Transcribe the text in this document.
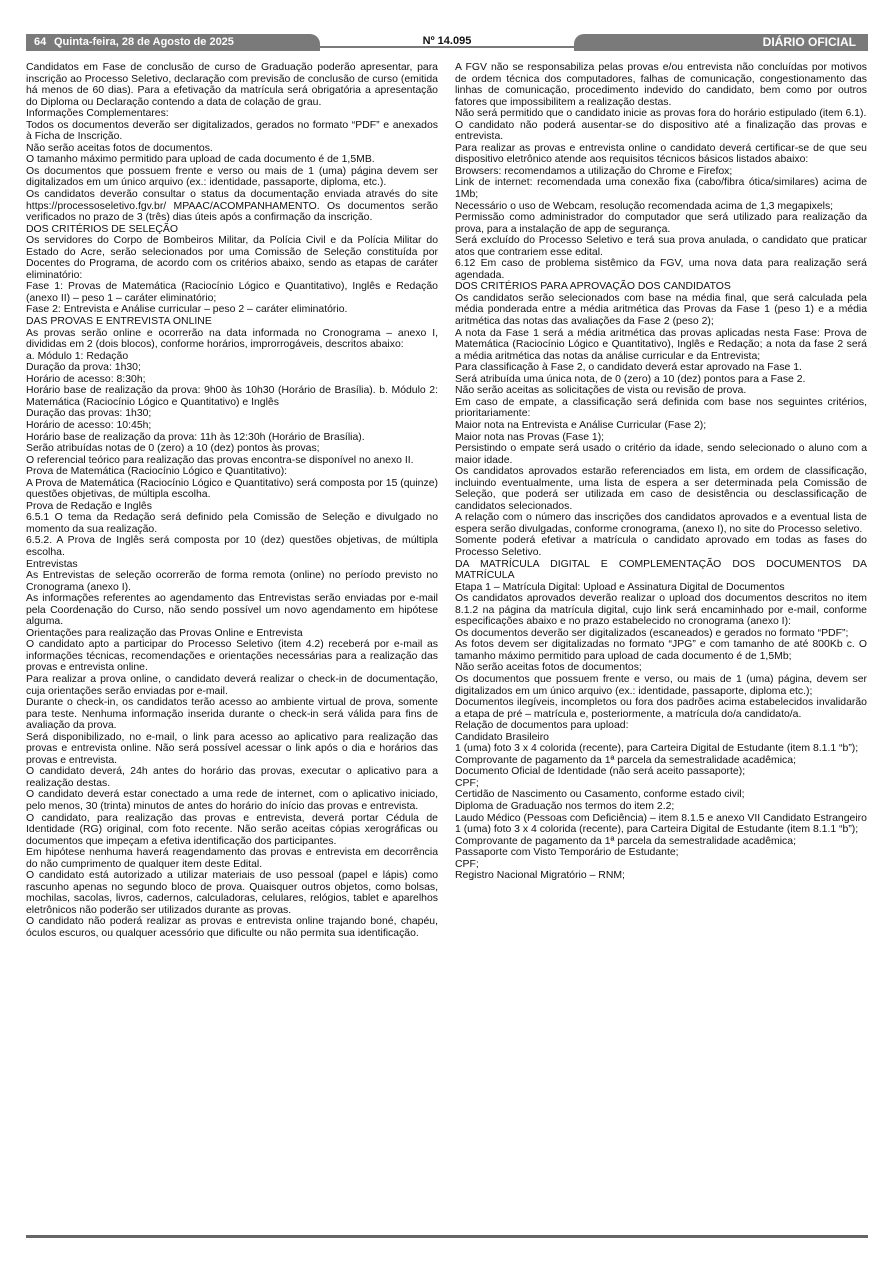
64 Quinta-feira, 28 de Agosto de 2025	Nº 14.095	DIÁRIO OFICIAL

Candidatos em Fase de conclusão de curso de Graduação poderão apresentar, para inscrição ao Processo Seletivo, declaração com previsão de conclusão de curso (emitida há menos de 60 dias). Para a efetivação da matrícula será obrigatória a apresentação do Diploma ou Declaração contendo a data de colação de grau.

Informações Complementares:

Todos os documentos deverão ser digitalizados, gerados no formato “PDF” e anexados à Ficha de Inscrição.

Não serão aceitas fotos de documentos.

O tamanho máximo permitido para upload de cada documento é de 1,5MB.

Os documentos que possuem frente e verso ou mais de 1 (uma) página devem ser digitalizados em um único arquivo (ex.: identidade, passaporte, diploma, etc.).

Os candidatos deverão consultar o status da documentação enviada através do site https://processoseletivo.fgv.br/ MPAAC/ACOMPANHAMENTO. Os documentos serão verificados no prazo de 3 (três) dias úteis após a confirmação da inscrição.

DOS CRITÉRIOS DE SELEÇÃO

Os servidores do Corpo de Bombeiros Militar, da Polícia Civil e da Polícia Militar do Estado do Acre, serão selecionados por uma Comissão de Seleção constituída por Docentes do Programa, de acordo com os critérios abaixo, sendo as etapas de caráter eliminatório:

Fase 1: Provas de Matemática (Raciocínio Lógico e Quantitativo), Inglês e Redação (anexo II) – peso 1 – caráter eliminatório;

Fase 2: Entrevista e Análise curricular – peso 2 – caráter eliminatório.

DAS PROVAS E ENTREVISTA ONLINE

As provas serão online e ocorrerão na data informada no Cronograma – anexo I, divididas em 2 (dois blocos), conforme horários, improrrogáveis, descritos abaixo:

a. Módulo 1: Redação

Duração da prova: 1h30;

Horário de acesso: 8:30h;

Horário base de realização da prova: 9h00 às 10h30 (Horário de Brasília). b. Módulo 2: Matemática (Raciocínio Lógico e Quantitativo) e Inglês

Duração das provas: 1h30;

Horário de acesso: 10:45h;

Horário base de realização da prova: 11h às 12:30h (Horário de Brasília).

Serão atribuídas notas de 0 (zero) a 10 (dez) pontos às provas;

O referencial teórico para realização das provas encontra-se disponível no anexo II.

Prova de Matemática (Raciocínio Lógico e Quantitativo):

A Prova de Matemática (Raciocínio Lógico e Quantitativo) será composta por 15 (quinze) questões objetivas, de múltipla escolha.

Prova de Redação e Inglês

6.5.1 O tema da Redação será definido pela Comissão de Seleção e divulgado no momento da sua realização.

6.5.2. A Prova de Inglês será composta por 10 (dez) questões objetivas, de múltipla escolha.

Entrevistas

As Entrevistas de seleção ocorrerão de forma remota (online) no período previsto no Cronograma (anexo I).

As informações referentes ao agendamento das Entrevistas serão enviadas por e-mail pela Coordenação do Curso, não sendo possível um novo agendamento em hipótese alguma.

Orientações para realização das Provas Online e Entrevista

O candidato apto a participar do Processo Seletivo (item 4.2) receberá por e-mail as informações técnicas, recomendações e orientações necessárias para a realização das provas e entrevista online.

Para realizar a prova online, o candidato deverá realizar o check-in de documentação, cuja orientações serão enviadas por e-mail.

Durante o check-in, os candidatos terão acesso ao ambiente virtual de prova, somente para teste. Nenhuma informação inserida durante o check-in será válida para fins de avaliação da prova.

Será disponibilizado, no e-mail, o link para acesso ao aplicativo para realização das provas e entrevista online. Não será possível acessar o link após o dia e horários das provas e entrevista.

O candidato deverá, 24h antes do horário das provas, executar o aplicativo para a realização destas.

O candidato deverá estar conectado a uma rede de internet, com o aplicativo iniciado, pelo menos, 30 (trinta) minutos de antes do horário do início das provas e entrevista.

O candidato, para realização das provas e entrevista, deverá portar Cédula de Identidade (RG) original, com foto recente. Não serão aceitas cópias xerográficas ou documentos que impeçam a efetiva identificação dos participantes.

Em hipótese nenhuma haverá reagendamento das provas e entrevista em decorrência do não cumprimento de qualquer item deste Edital.

O candidato está autorizado a utilizar materiais de uso pessoal (papel e lápis) como rascunho apenas no segundo bloco de prova. Quaisquer outros objetos, como bolsas, mochilas, sacolas, livros, cadernos, calculadoras, celulares, relógios, tablet e aparelhos eletrônicos não poderão ser utilizados durante as provas.

O candidato não poderá realizar as provas e entrevista online trajando boné, chapéu, óculos escuros, ou qualquer acessório que dificulte ou não permita sua identificação.

A FGV não se responsabiliza pelas provas e/ou entrevista não concluídas por motivos de ordem técnica dos computadores, falhas de comunicação, congestionamento das linhas de comunicação, procedimento indevido do candidato, bem como por outros fatores que impossibilitem a realização destas.

Não será permitido que o candidato inicie as provas fora do horário estipulado (item 6.1).

O candidato não poderá ausentar-se do dispositivo até a finalização das provas e entrevista.

Para realizar as provas e entrevista online o candidato deverá certificar-se de que seu dispositivo eletrônico atende aos requisitos técnicos básicos listados abaixo:

Browsers: recomendamos a utilização do Chrome e Firefox;

Link de internet: recomendada uma conexão fixa (cabo/fibra ótica/similares) acima de 1Mb;

Necessário o uso de Webcam, resolução recomendada acima de 1,3 megapixels;

Permissão como administrador do computador que será utilizado para realização da prova, para a instalação de app de segurança.

Será excluído do Processo Seletivo e terá sua prova anulada, o candidato que praticar atos que contrariem esse edital.

6.12 Em caso de problema sistêmico da FGV, uma nova data para realização será agendada.

DOS CRITÉRIOS PARA APROVAÇÃO DOS CANDIDATOS

Os candidatos serão selecionados com base na média final, que será calculada pela média ponderada entre a média aritmética das Provas da Fase 1 (peso 1) e a média aritmética das notas das avaliações da Fase 2 (peso 2);

A nota da Fase 1 será a média aritmética das provas aplicadas nesta Fase: Prova de Matemática (Raciocínio Lógico e Quantitativo), Inglês e Redação; a nota da fase 2 será a média aritmética das notas da análise curricular e da Entrevista;

Para classificação à Fase 2, o candidato deverá estar aprovado na Fase 1.

Será atribuída uma única nota, de 0 (zero) a 10 (dez) pontos para a Fase 2.

Não serão aceitas as solicitações de vista ou revisão de prova.

Em caso de empate, a classificação será definida com base nos seguintes critérios, prioritariamente:

Maior nota na Entrevista e Análise Curricular (Fase 2);

Maior nota nas Provas (Fase 1);

Persistindo o empate será usado o critério da idade, sendo selecionado o aluno com a maior idade.

Os candidatos aprovados estarão referenciados em lista, em ordem de classificação, incluindo eventualmente, uma lista de espera a ser determinada pela Comissão de Seleção, que poderá ser utilizada em caso de desistência ou desclassificação de candidatos selecionados.

A relação com o número das inscrições dos candidatos aprovados e a eventual lista de espera serão divulgadas, conforme cronograma, (anexo I), no site do Processo seletivo.

Somente poderá efetivar a matrícula o candidato aprovado em todas as fases do Processo Seletivo.

DA MATRÍCULA DIGITAL E COMPLEMENTAÇÃO DOS DOCUMENTOS DA MATRÍCULA

Etapa 1 – Matrícula Digital: Upload e Assinatura Digital de Documentos

Os candidatos aprovados deverão realizar o upload dos documentos descritos no item 8.1.2 na página da matrícula digital, cujo link será encaminhado por e-mail, conforme especificações abaixo e no prazo estabelecido no cronograma (anexo I):

Os documentos deverão ser digitalizados (escaneados) e gerados no formato “PDF”;

As fotos devem ser digitalizadas no formato “JPG” e com tamanho de até 800Kb c. O tamanho máximo permitido para upload de cada documento é de 1,5Mb;

Não serão aceitas fotos de documentos;

Os documentos que possuem frente e verso, ou mais de 1 (uma) página, devem ser digitalizados em um único arquivo (ex.: identidade, passaporte, diploma etc.);

Documentos ilegíveis, incompletos ou fora dos padrões acima estabelecidos invalidarão a etapa de pré – matrícula e, posteriormente, a matrícula do/a candidato/a.

Relação de documentos para upload:

Candidato Brasileiro

1 (uma) foto 3 x 4 colorida (recente), para Carteira Digital de Estudante (item 8.1.1 “b”);

Comprovante de pagamento da 1ª parcela da semestralidade acadêmica;

Documento Oficial de Identidade (não será aceito passaporte);

CPF;

Certidão de Nascimento ou Casamento, conforme estado civil;

Diploma de Graduação nos termos do item 2.2;

Laudo Médico (Pessoas com Deficiência) – item 8.1.5 e anexo VII Candidato Estrangeiro

1 (uma) foto 3 x 4 colorida (recente), para Carteira Digital de Estudante (item 8.1.1 “b”);

Comprovante de pagamento da 1ª parcela da semestralidade acadêmica;

Passaporte com Visto Temporário de Estudante;

CPF;

Registro Nacional Migratório – RNM;
